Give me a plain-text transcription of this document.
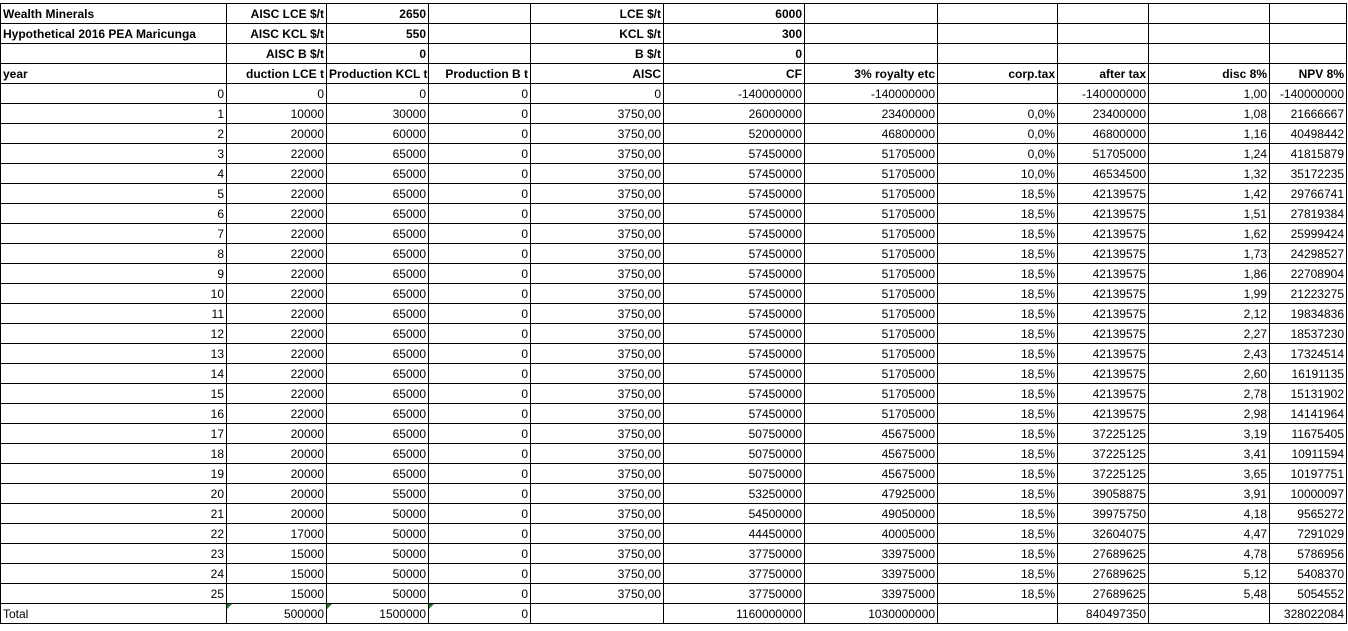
Wealth Minerals	AISC LCE $/t	2650		LCE $/t	6000					
Hypothetical 2016 PEA Maricunga	AISC KCL $/t	550		KCL $/t	300					
	AISC B $/t	0		B $/t	0					
year	duction LCE t	Production KCL t	Production B t	AISC	CF	3% royalty etc	corp.tax	after tax	disc 8%	NPV 8%
0	0	0	0	0	-140000000	-140000000		-140000000	1,00	-140000000
1	10000	30000	0	3750,00	26000000	23400000	0,0%	23400000	1,08	21666667
2	20000	60000	0	3750,00	52000000	46800000	0,0%	46800000	1,16	40498442
3	22000	65000	0	3750,00	57450000	51705000	0,0%	51705000	1,24	41815879
4	22000	65000	0	3750,00	57450000	51705000	10,0%	46534500	1,32	35172235
5	22000	65000	0	3750,00	57450000	51705000	18,5%	42139575	1,42	29766741
6	22000	65000	0	3750,00	57450000	51705000	18,5%	42139575	1,51	27819384
7	22000	65000	0	3750,00	57450000	51705000	18,5%	42139575	1,62	25999424
8	22000	65000	0	3750,00	57450000	51705000	18,5%	42139575	1,73	24298527
9	22000	65000	0	3750,00	57450000	51705000	18,5%	42139575	1,86	22708904
10	22000	65000	0	3750,00	57450000	51705000	18,5%	42139575	1,99	21223275
11	22000	65000	0	3750,00	57450000	51705000	18,5%	42139575	2,12	19834836
12	22000	65000	0	3750,00	57450000	51705000	18,5%	42139575	2,27	18537230
13	22000	65000	0	3750,00	57450000	51705000	18,5%	42139575	2,43	17324514
14	22000	65000	0	3750,00	57450000	51705000	18,5%	42139575	2,60	16191135
15	22000	65000	0	3750,00	57450000	51705000	18,5%	42139575	2,78	15131902
16	22000	65000	0	3750,00	57450000	51705000	18,5%	42139575	2,98	14141964
17	20000	65000	0	3750,00	50750000	45675000	18,5%	37225125	3,19	11675405
18	20000	65000	0	3750,00	50750000	45675000	18,5%	37225125	3,41	10911594
19	20000	65000	0	3750,00	50750000	45675000	18,5%	37225125	3,65	10197751
20	20000	55000	0	3750,00	53250000	47925000	18,5%	39058875	3,91	10000097
21	20000	50000	0	3750,00	54500000	49050000	18,5%	39975750	4,18	9565272
22	17000	50000	0	3750,00	44450000	40005000	18,5%	32604075	4,47	7291029
23	15000	50000	0	3750,00	37750000	33975000	18,5%	27689625	4,78	5786956
24	15000	50000	0	3750,00	37750000	33975000	18,5%	27689625	5,12	5408370
25	15000	50000	0	3750,00	37750000	33975000	18,5%	27689625	5,48	5054552
Total	500000	1500000	0		1160000000	1030000000		840497350		328022084
